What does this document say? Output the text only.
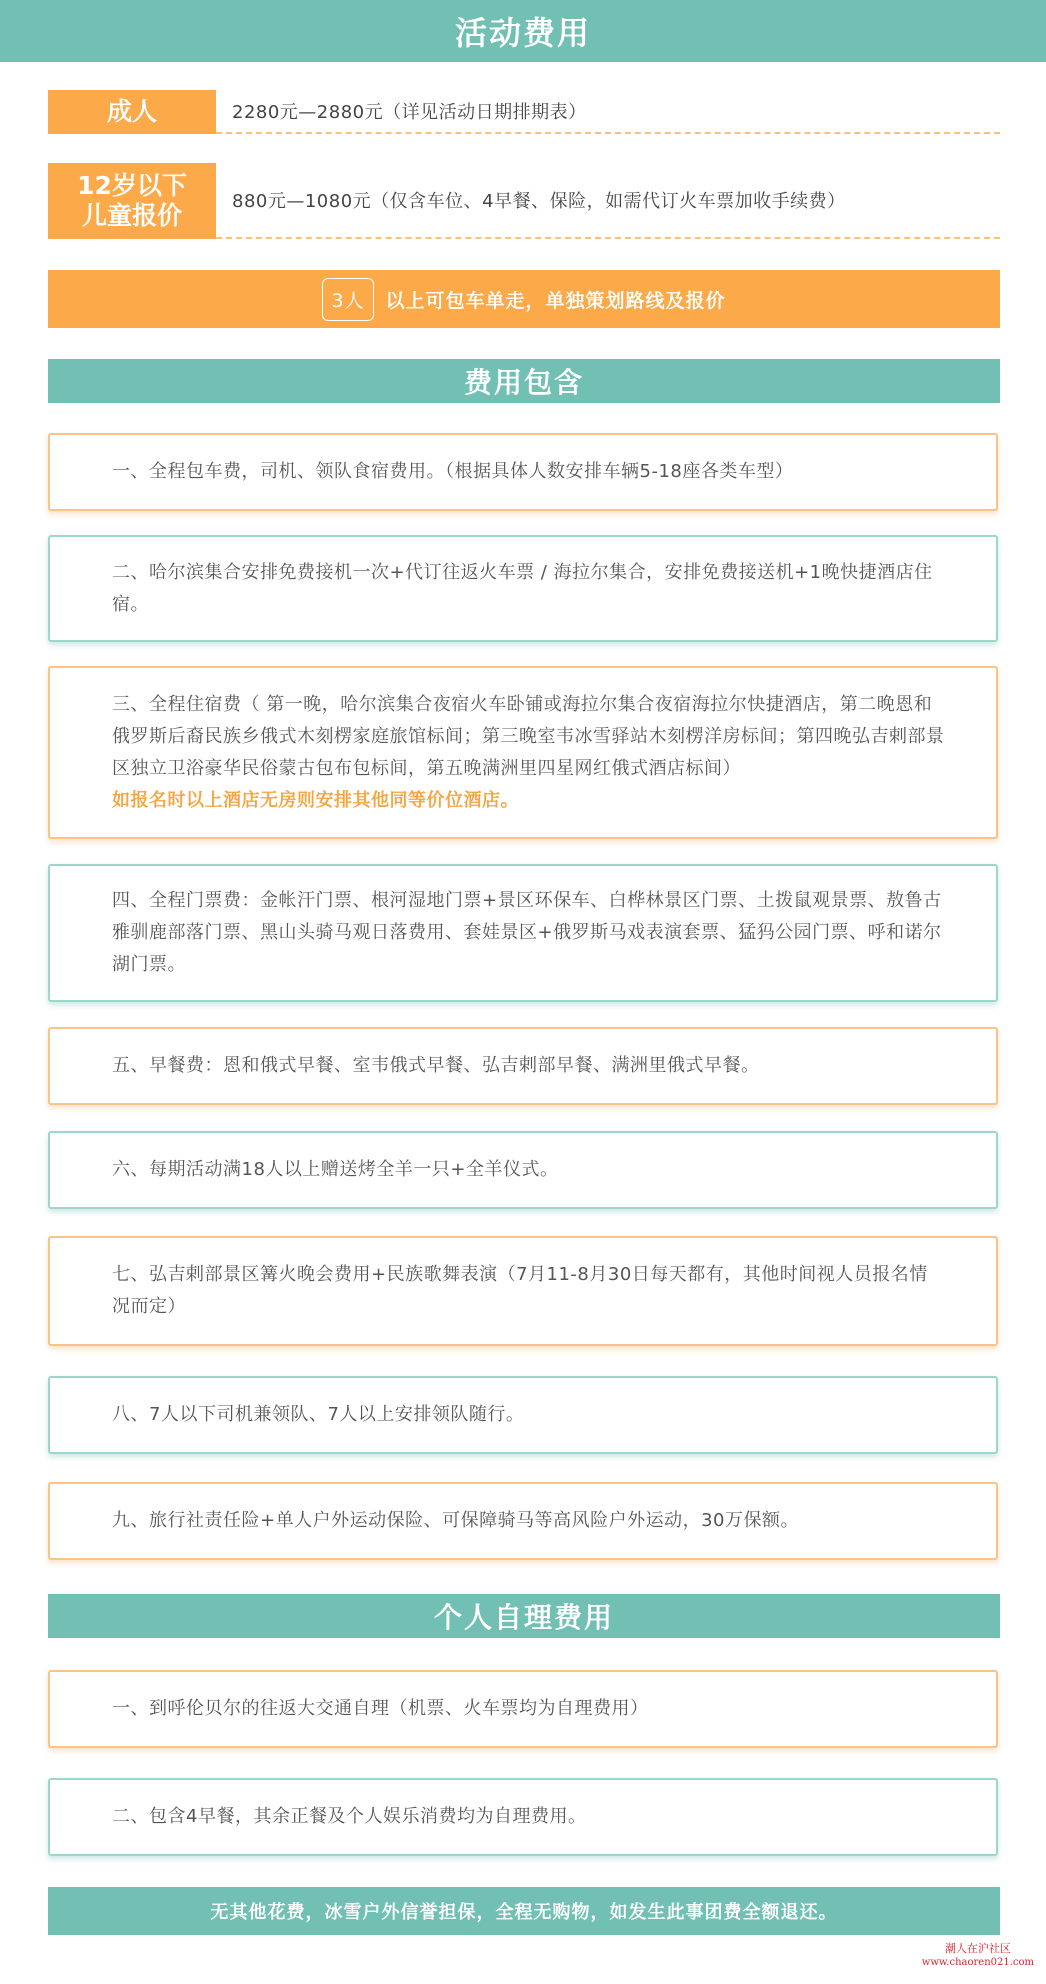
活动费用
成人	2280元—2880元（详见活动日期排期表）
12岁以下
儿童报价	880元—1080元（仅含车位、4早餐、保险，如需代订火车票加收手续费）
3人	以上可包车单走，单独策划路线及报价
费用包含
一、全程包车费，司机、领队食宿费用。（根据具体人数安排车辆5-18座各类车型）
二、哈尔滨集合安排免费接机一次+代订往返火车票 / 海拉尔集合，安排免费接送机+1晚快捷酒店住宿。
三、全程住宿费（ 第一晚，哈尔滨集合夜宿火车卧铺或海拉尔集合夜宿海拉尔快捷酒店，第二晚恩和俄罗斯后裔民族乡俄式木刻楞家庭旅馆标间；第三晚室韦冰雪驿站木刻楞洋房标间；第四晚弘吉剌部景区独立卫浴豪华民俗蒙古包布包标间，第五晚满洲里四星网红俄式酒店标间）
如报名时以上酒店无房则安排其他同等价位酒店。
四、全程门票费：金帐汗门票、根河湿地门票+景区环保车、白桦林景区门票、土拨鼠观景票、敖鲁古雅驯鹿部落门票、黑山头骑马观日落费用、套娃景区+俄罗斯马戏表演套票、猛犸公园门票、呼和诺尔湖门票。
五、早餐费：恩和俄式早餐、室韦俄式早餐、弘吉剌部早餐、满洲里俄式早餐。
六、每期活动满18人以上赠送烤全羊一只+全羊仪式。
七、弘吉剌部景区篝火晚会费用+民族歌舞表演（7月11-8月30日每天都有，其他时间视人员报名情况而定）
八、7人以下司机兼领队、7人以上安排领队随行。
九、旅行社责任险+单人户外运动保险、可保障骑马等高风险户外运动，30万保额。
个人自理费用
一、到呼伦贝尔的往返大交通自理（机票、火车票均为自理费用）
二、包含4早餐，其余正餐及个人娱乐消费均为自理费用。
无其他花费，冰雪户外信誉担保，全程无购物，如发生此事团费全额退还。
潮人在沪社区
www.chaoren021.com
